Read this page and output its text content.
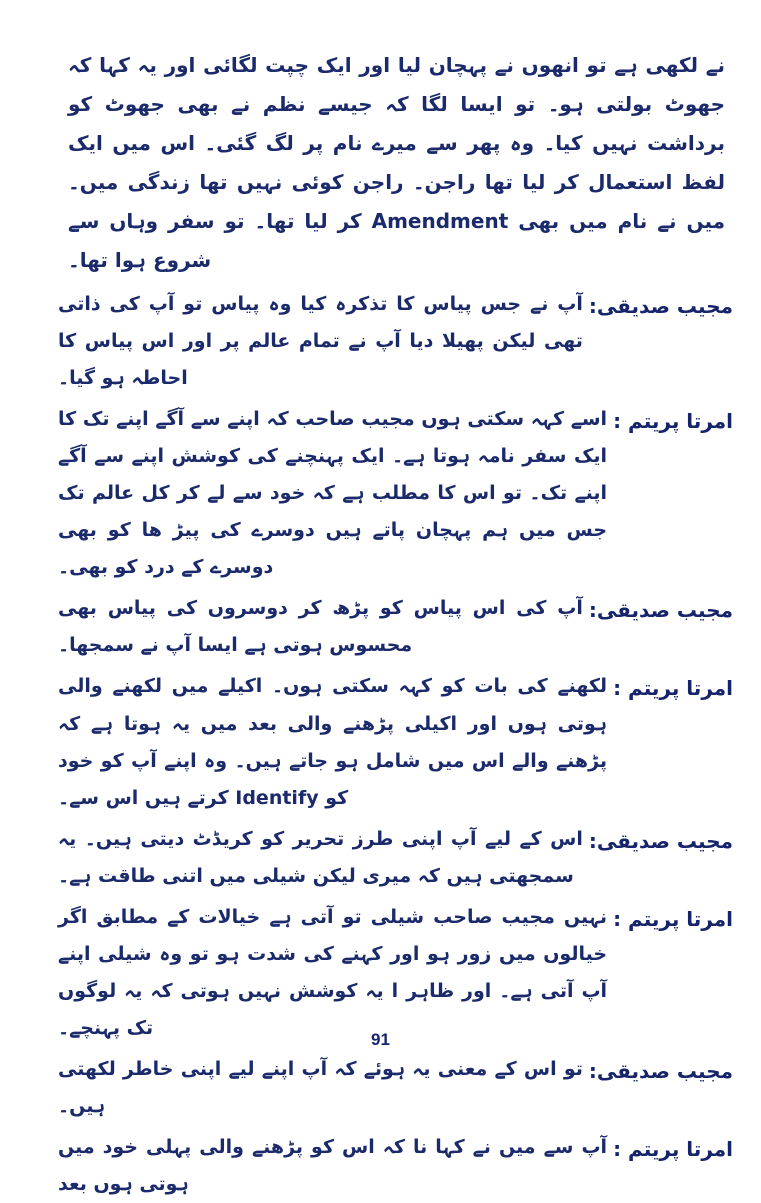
نے لکھی ہے تو انھوں نے پہچان لیا اور ایک چپت لگائی اور یہ کہا کہ جھوٹ بولتی ہو۔ تو ایسا لگا کہ جیسے نظم نے بھی جھوٹ کو برداشت نہیں کیا۔ وہ پھر سے میرے نام پر لگ گئی۔ اس میں ایک لفظ استعمال کر لیا تھا راجن۔ راجن کوئی نہیں تھا زندگی میں۔ میں نے نام میں بھی Amendment کر لیا تھا۔ تو سفر وہاں سے شروع ہوا تھا۔

مجیب صدیقی:
آپ نے جس پیاس کا تذکرہ کیا وہ پیاس تو آپ کی ذاتی تھی لیکن پھیلا دیا آپ نے تمام عالم پر اور اس پیاس کا احاطہ ہو گیا۔
امرتا پریتم :
اسے کہہ سکتی ہوں مجیب صاحب کہ اپنے سے آگے اپنے تک کا ایک سفر نامہ ہوتا ہے۔ ایک پہنچنے کی کوشش اپنے سے آگے اپنے تک۔ تو اس کا مطلب ہے کہ خود سے لے کر کل عالم تک جس میں ہم پہچان پاتے ہیں دوسرے کی پیڑ ھا کو بھی دوسرے کے درد کو بھی۔
مجیب صدیقی:
آپ کی اس پیاس کو پڑھ کر دوسروں کی پیاس بھی محسوس ہوتی ہے ایسا آپ نے سمجھا۔
امرتا پریتم :
لکھنے کی بات کو کہہ سکتی ہوں۔ اکیلے میں لکھنے والی ہوتی ہوں اور اکیلی پڑھنے والی بعد میں یہ ہوتا ہے کہ پڑھنے والے اس میں شامل ہو جاتے ہیں۔ وہ اپنے آپ کو خود کو Identify کرتے ہیں اس سے۔
مجیب صدیقی:
اس کے لیے آپ اپنی طرز تحریر کو کریڈٹ دیتی ہیں۔ یہ سمجھتی ہیں کہ میری لیکن شیلی میں اتنی طاقت ہے۔
امرتا پریتم :
نہیں مجیب صاحب شیلی تو آتی ہے خیالات کے مطابق اگر خیالوں میں زور ہو اور کہنے کی شدت ہو تو وہ شیلی اپنے آپ آتی ہے۔ اور ظاہر ا یہ کوشش نہیں ہوتی کہ یہ لوگوں تک پہنچے۔
مجیب صدیقی:
تو اس کے معنی یہ ہوئے کہ آپ اپنے لیے اپنی خاطر لکھتی ہیں۔
امرتا پریتم :
آپ سے میں نے کہا نا کہ اس کو پڑھنے والی پہلی خود میں ہوتی ہوں بعد
91
